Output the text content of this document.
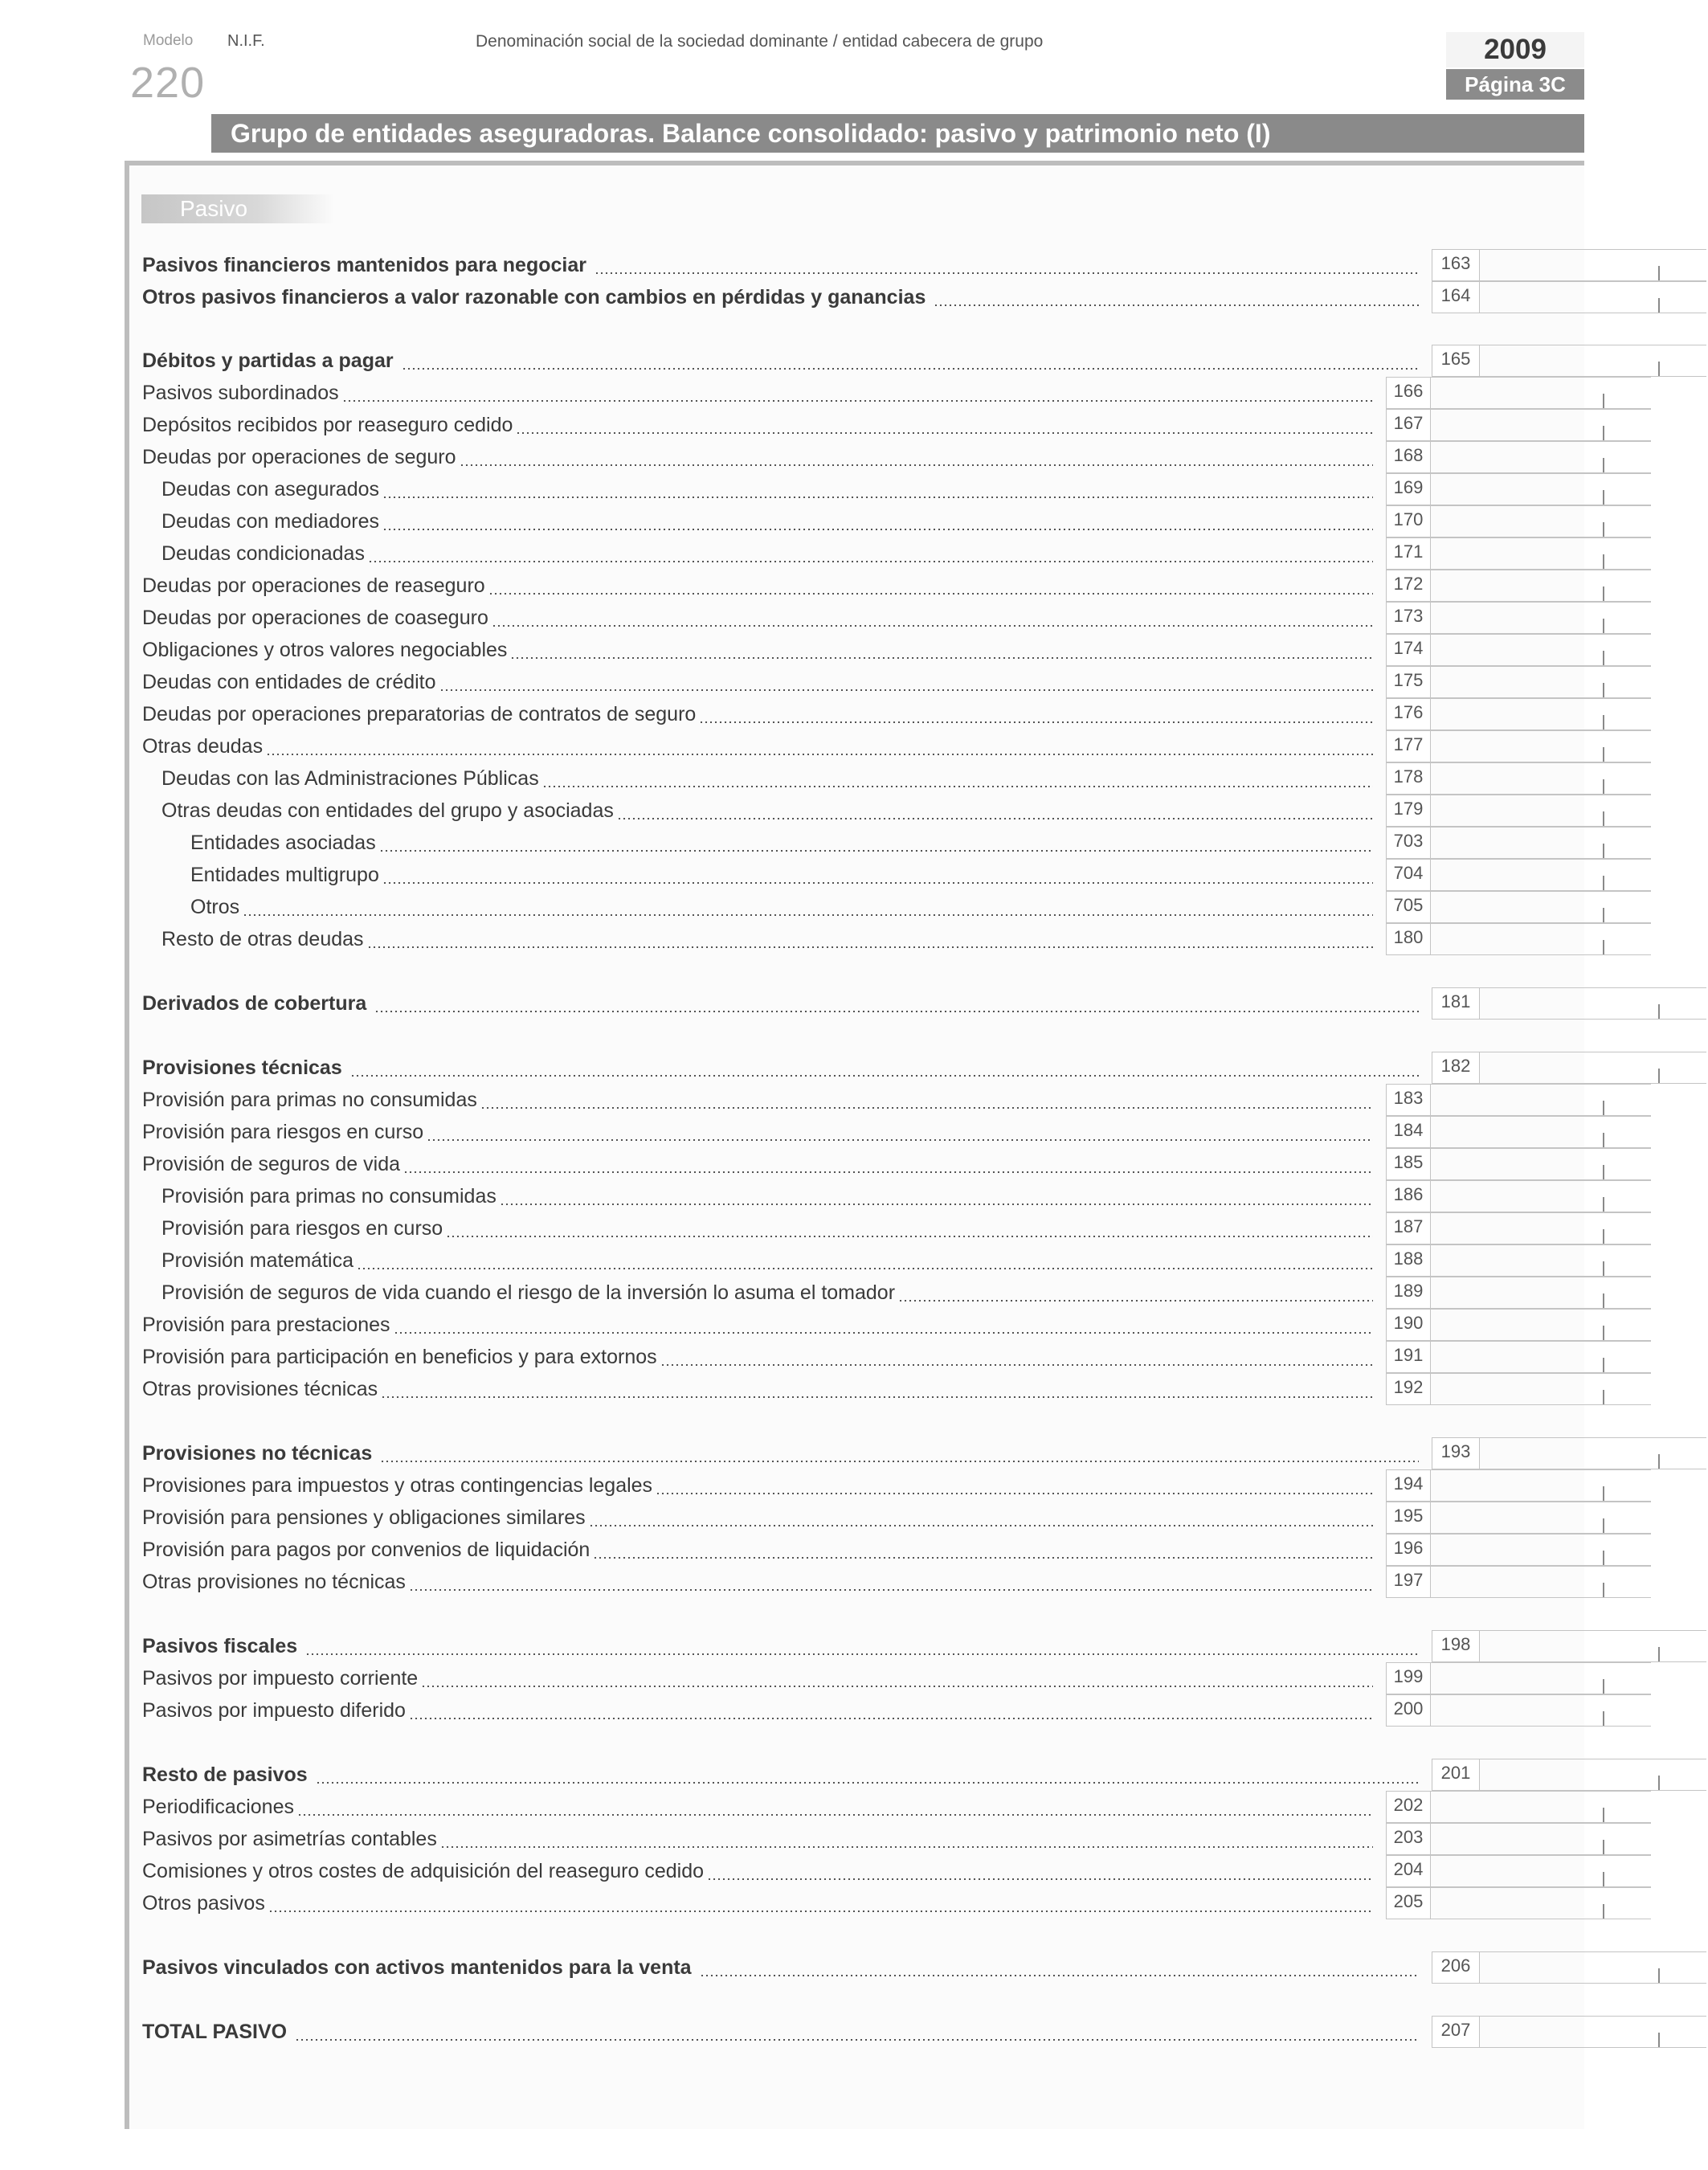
Modelo
220
N.I.F.	Denominación social de la sociedad dominante / entidad cabecera de grupo	2009
Página 3C
Grupo de entidades aseguradoras. Balance consolidado: pasivo y patrimonio neto (I)
Pasivo
Pasivos financieros mantenidos para negociar	163
Otros pasivos financieros a valor razonable con cambios en pérdidas y ganancias	164
Débitos y partidas a pagar	165
Pasivos subordinados	166
Depósitos recibidos por reaseguro cedido	167
Deudas por operaciones de seguro	168
Deudas con asegurados	169
Deudas con mediadores	170
Deudas condicionadas	171
Deudas por operaciones de reaseguro	172
Deudas por operaciones de coaseguro	173
Obligaciones y otros valores negociables	174
Deudas con entidades de crédito	175
Deudas por operaciones preparatorias de contratos de seguro	176
Otras deudas	177
Deudas con las Administraciones Públicas	178
Otras deudas con entidades del grupo y asociadas	179
Entidades asociadas	703
Entidades multigrupo	704
Otros	705
Resto de otras deudas	180
Derivados de cobertura	181
Provisiones técnicas	182
Provisión para primas no consumidas	183
Provisión para riesgos en curso	184
Provisión de seguros de vida	185
Provisión para primas no consumidas	186
Provisión para riesgos en curso	187
Provisión matemática	188
Provisión de seguros de vida cuando el riesgo de la inversión lo asuma el tomador	189
Provisión para prestaciones	190
Provisión para participación en beneficios y para extornos	191
Otras provisiones técnicas	192
Provisiones no técnicas	193
Provisiones para impuestos y otras contingencias legales	194
Provisión para pensiones y obligaciones similares	195
Provisión para pagos por convenios de liquidación	196
Otras provisiones no técnicas	197
Pasivos fiscales	198
Pasivos por impuesto corriente	199
Pasivos por impuesto diferido	200
Resto de pasivos	201
Periodificaciones	202
Pasivos por asimetrías contables	203
Comisiones y otros costes de adquisición del reaseguro cedido	204
Otros pasivos	205
Pasivos vinculados con activos mantenidos para la venta	206
TOTAL PASIVO	207
